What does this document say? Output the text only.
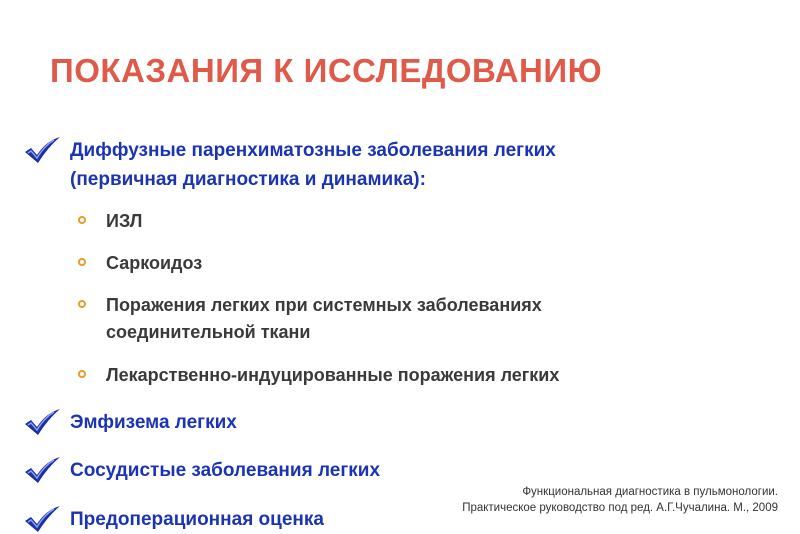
ПОКАЗАНИЯ К ИССЛЕДОВАНИЮ
Диффузные паренхиматозные заболевания легких
(первичная диагностика и динамика):
ИЗЛ
Саркоидоз
Поражения легких при системных заболеваниях
соединительной ткани
Лекарственно-индуцированные поражения легких
Эмфизема легких
Сосудистые заболевания легких
Предоперационная оценка
Функциональная диагностика в пульмонологии.
Практическое руководство под ред. А.Г.Чучалина. М., 2009
